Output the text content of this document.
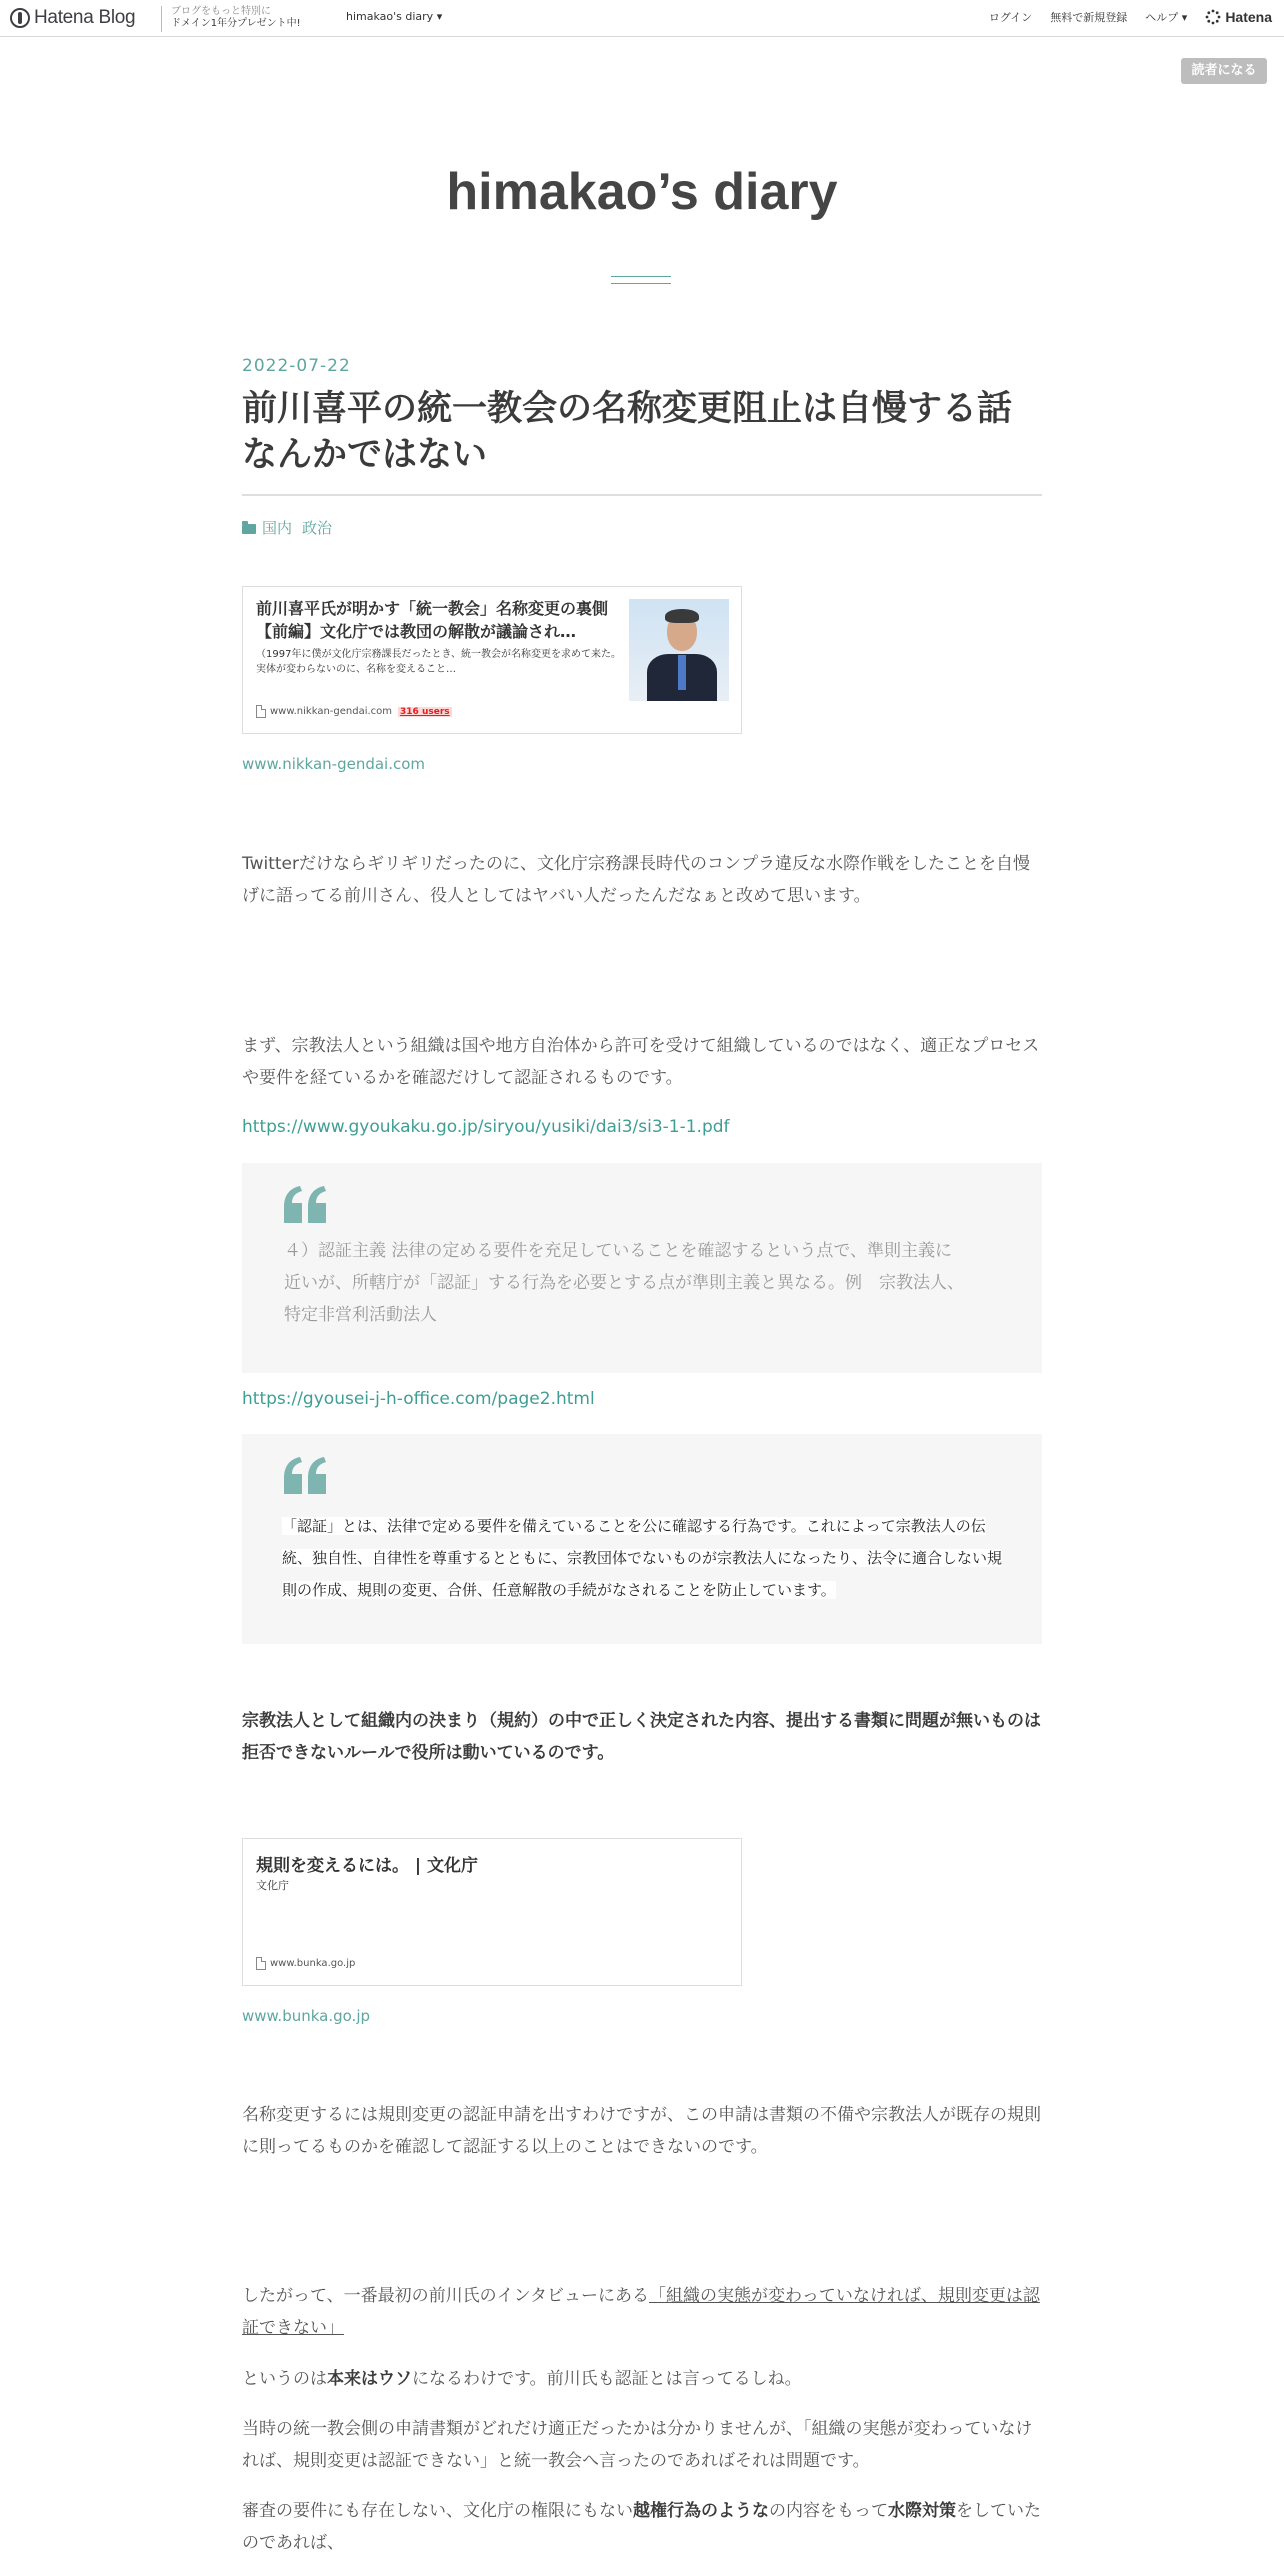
Hatena Blog	ブログをもっと特別に
ドメイン1年分プレゼント中!
himakao's diary ▾	ログイン 無料で新規登録 ヘルプ ▾	Hatena
読者になる
himakao’s diary
2022-07-22
前川喜平の統一教会の名称変更阻止は自慢する話なんかではない
国内 政治
前川喜平氏が明かす「統一教会」名称変更の裏側【前編】文化庁では教団の解散が議論され…
（1997年に僕が文化庁宗務課長だったとき、統一教会が名称変更を求めて来た。実体が変わらないのに、名称を変えること…
www.nikkan-gendai.com 316 users
www.nikkan-gendai.com
Twitterだけならギリギリだったのに、文化庁宗務課長時代のコンプラ違反な水際作戦をしたことを自慢げに語ってる前川さん、役人としてはヤバい人だったんだなぁと改めて思います。
まず、宗教法人という組織は国や地方自治体から許可を受けて組織しているのではなく、適正なプロセスや要件を経ているかを確認だけして認証されるものです。
https://www.gyoukaku.go.jp/siryou/yusiki/dai3/si3-1-1.pdf
４）認証主義 法律の定める要件を充足していることを確認するという点で、準則主義に近いが、所轄庁が「認証」する行為を必要とする点が準則主義と異なる。例　宗教法人、特定非営利活動法人
https://gyousei-j-h-office.com/page2.html
「認証」とは、法律で定める要件を備えていることを公に確認する行為です。これによって宗教法人の伝統、独自性、自律性を尊重するとともに、宗教団体でないものが宗教法人になったり、法令に適合しない規則の作成、規則の変更、合併、任意解散の手続がなされることを防止しています。
宗教法人として組織内の決まり（規約）の中で正しく決定された内容、提出する書類に問題が無いものは拒否できないルールで役所は動いているのです。
規則を変えるには。 | 文化庁
文化庁
www.bunka.go.jp
www.bunka.go.jp
名称変更するには規則変更の認証申請を出すわけですが、この申請は書類の不備や宗教法人が既存の規則に則ってるものかを確認して認証する以上のことはできないのです。
したがって、一番最初の前川氏のインタビューにある「組織の実態が変わっていなければ、規則変更は認証できない」
というのは本来はウソになるわけです。前川氏も認証とは言ってるしね。
当時の統一教会側の申請書類がどれだけ適正だったかは分かりませんが、「組織の実態が変わっていなければ、規則変更は認証できない」と統一教会へ言ったのであればそれは問題です。
審査の要件にも存在しない、文化庁の権限にもない越権行為のようなの内容をもって水際対策をしていたのであれば、
